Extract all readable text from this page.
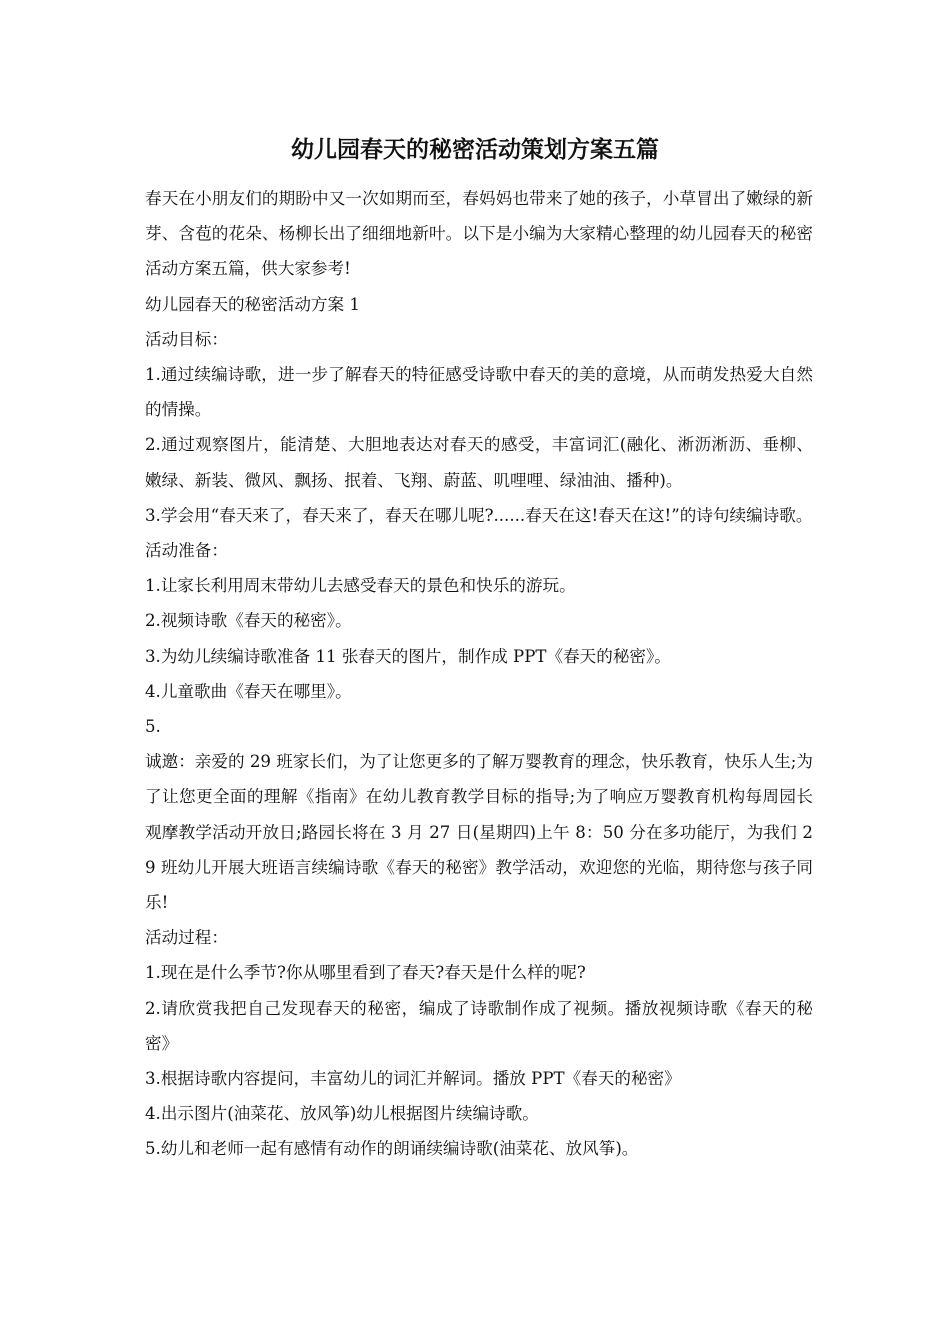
幼儿园春天的秘密活动策划方案五篇

春天在小朋友们的期盼中又一次如期而至，春妈妈也带来了她的孩子，小草冒出了嫩绿的新芽、含苞的花朵、杨柳长出了细细地新叶。以下是小编为大家精心整理的幼儿园春天的秘密活动方案五篇，供大家参考!

幼儿园春天的秘密活动方案 1

活动目标：

1.通过续编诗歌，进一步了解春天的特征感受诗歌中春天的美的意境，从而萌发热爱大自然的情操。

2.通过观察图片，能清楚、大胆地表达对春天的感受，丰富词汇(融化、淅沥淅沥、垂柳、嫩绿、新装、微风、飘扬、抿着、飞翔、蔚蓝、叽哩哩、绿油油、播种)。

3.学会用“春天来了，春天来了，春天在哪儿呢?......春天在这!春天在这!”的诗句续编诗歌。

活动准备：

1.让家长利用周末带幼儿去感受春天的景色和快乐的游玩。

2.视频诗歌《春天的秘密》。

3.为幼儿续编诗歌准备 11 张春天的图片，制作成 PPT《春天的秘密》。

4.儿童歌曲《春天在哪里》。

5.

诚邀：亲爱的 29 班家长们，为了让您更多的了解万婴教育的理念，快乐教育，快乐人生;为了让您更全面的理解《指南》在幼儿教育教学目标的指导;为了响应万婴教育机构每周园长观摩教学活动开放日;路园长将在 3 月 27 日(星期四)上午 8：50 分在多功能厅，为我们 29 班幼儿开展大班语言续编诗歌《春天的秘密》教学活动，欢迎您的光临，期待您与孩子同乐!

活动过程：

1.现在是什么季节?你从哪里看到了春天?春天是什么样的呢?

2.请欣赏我把自己发现春天的秘密，编成了诗歌制作成了视频。播放视频诗歌《春天的秘密》

3.根据诗歌内容提问，丰富幼儿的词汇并解词。播放 PPT《春天的秘密》

4.出示图片(油菜花、放风筝)幼儿根据图片续编诗歌。

5.幼儿和老师一起有感情有动作的朗诵续编诗歌(油菜花、放风筝)。
